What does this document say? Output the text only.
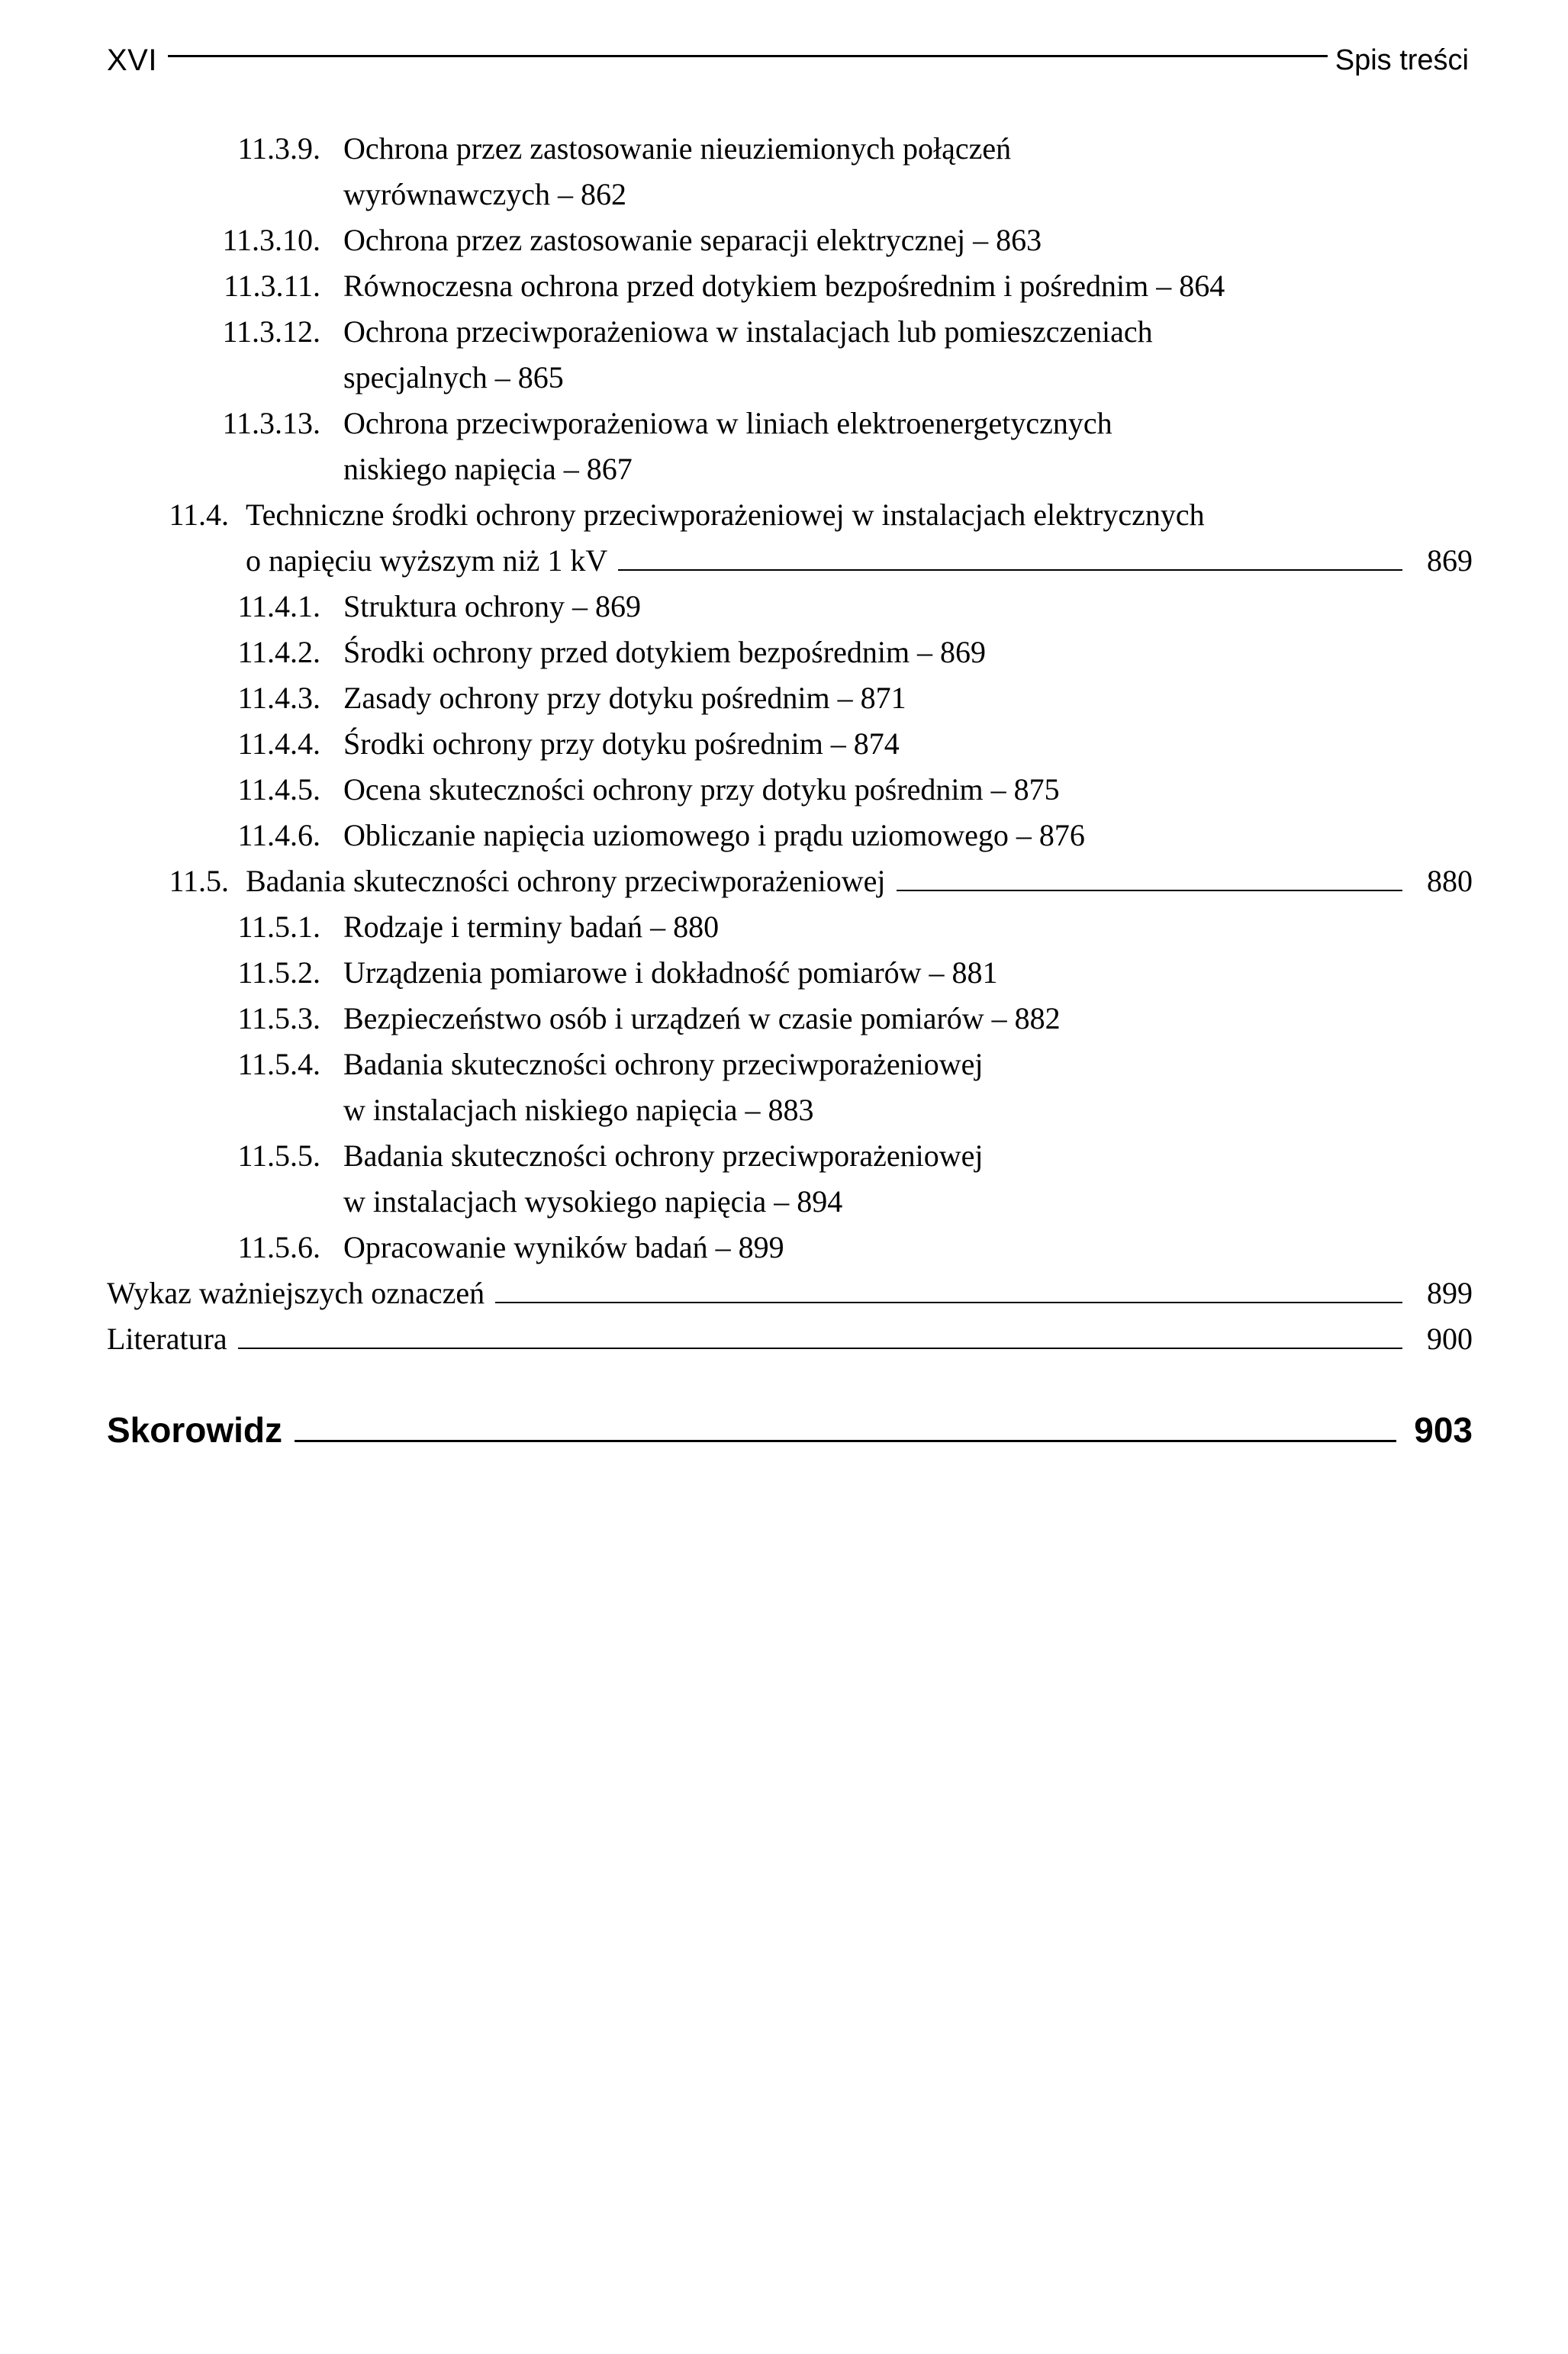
XVI	Spis treści
11.3.9. Ochrona przez zastosowanie nieuziemionych połączeń
wyrównawczych – 862
11.3.10. Ochrona przez zastosowanie separacji elektrycznej – 863
11.3.11. Równoczesna ochrona przed dotykiem bezpośrednim i pośrednim – 864
11.3.12. Ochrona przeciwporażeniowa w instalacjach lub pomieszczeniach
specjalnych – 865
11.3.13. Ochrona przeciwporażeniowa w liniach elektroenergetycznych
niskiego napięcia – 867
11.4. Techniczne środki ochrony przeciwporażeniowej w instalacjach elektrycznych
o napięciu wyższym niż 1 kV	869
11.4.1. Struktura ochrony – 869
11.4.2. Środki ochrony przed dotykiem bezpośrednim – 869
11.4.3. Zasady ochrony przy dotyku pośrednim – 871
11.4.4. Środki ochrony przy dotyku pośrednim – 874
11.4.5. Ocena skuteczności ochrony przy dotyku pośrednim – 875
11.4.6. Obliczanie napięcia uziomowego i prądu uziomowego – 876
11.5. Badania skuteczności ochrony przeciwporażeniowej	880
11.5.1. Rodzaje i terminy badań – 880
11.5.2. Urządzenia pomiarowe i dokładność pomiarów – 881
11.5.3. Bezpieczeństwo osób i urządzeń w czasie pomiarów – 882
11.5.4. Badania skuteczności ochrony przeciwporażeniowej
w instalacjach niskiego napięcia – 883
11.5.5. Badania skuteczności ochrony przeciwporażeniowej
w instalacjach wysokiego napięcia – 894
11.5.6. Opracowanie wyników badań – 899
Wykaz ważniejszych oznaczeń	899
Literatura	900
Skorowidz	903
